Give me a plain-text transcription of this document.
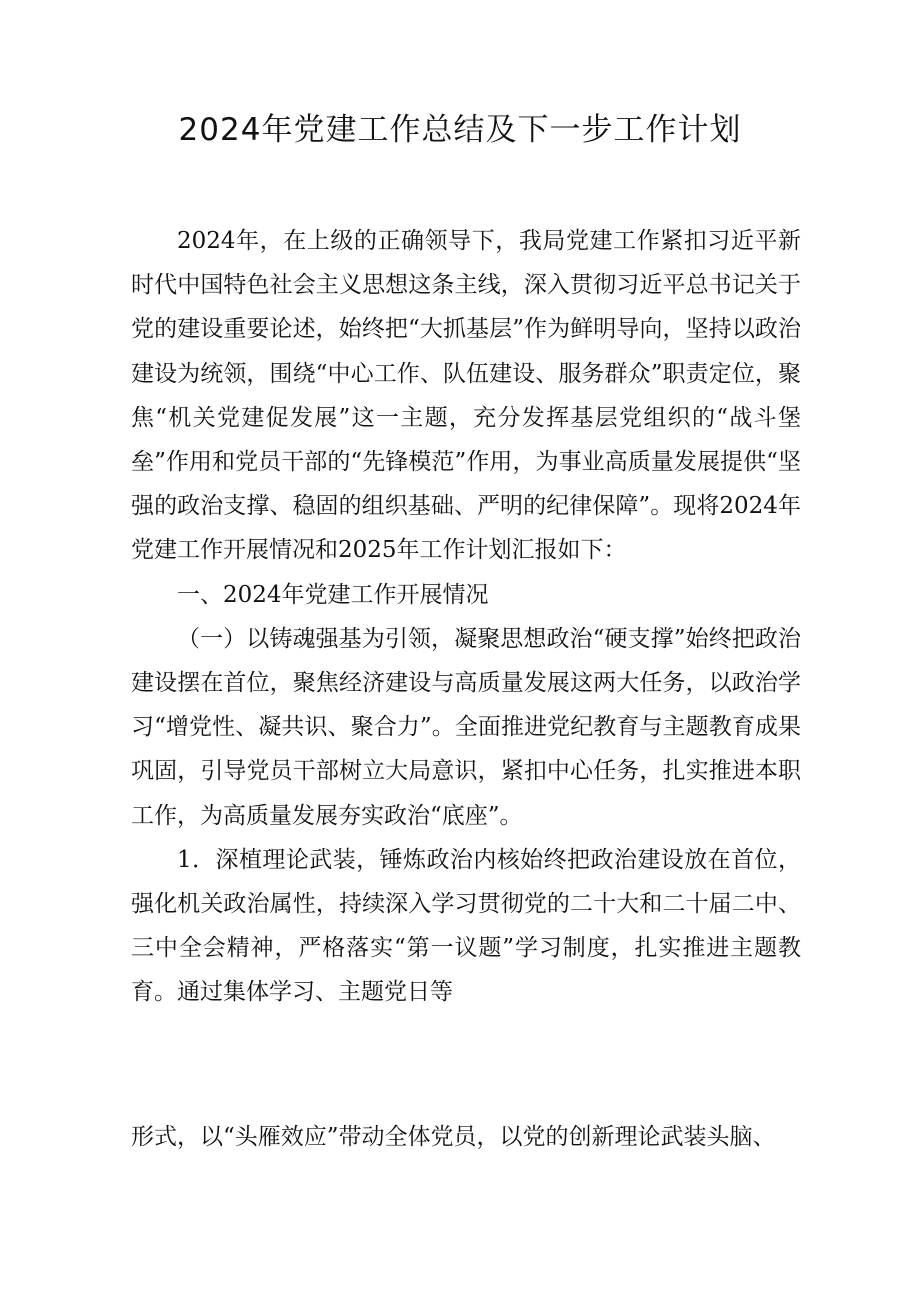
2024年党建工作总结及下一步工作计划

2024年，在上级的正确领导下，我局党建工作紧扣习近平新时代中国特色社会主义思想这条主线，深入贯彻习近平总书记关于党的建设重要论述，始终把“大抓基层”作为鲜明导向，坚持以政治建设为统领，围绕“中心工作、队伍建设、服务群众”职责定位，聚焦“机关党建促发展”这一主题，充分发挥基层党组织的“战斗堡垒”作用和党员干部的“先锋模范”作用，为事业高质量发展提供“坚强的政治支撑、稳固的组织基础、严明的纪律保障”。现将2024年党建工作开展情况和2025年工作计划汇报如下：

一、2024年党建工作开展情况

（一）以铸魂强基为引领，凝聚思想政治“硬支撑”始终把政治建设摆在首位，聚焦经济建设与高质量发展这两大任务，以政治学习“增党性、凝共识、聚合力”。全面推进党纪教育与主题教育成果巩固，引导党员干部树立大局意识，紧扣中心任务，扎实推进本职工作，为高质量发展夯实政治“底座”。

1．深植理论武装，锤炼政治内核始终把政治建设放在首位，强化机关政治属性，持续深入学习贯彻党的二十大和二十届二中、三中全会精神，严格落实“第一议题”学习制度，扎实推进主题教育。通过集体学习、主题党日等

形式，以“头雁效应”带动全体党员，以党的创新理论武装头脑、
